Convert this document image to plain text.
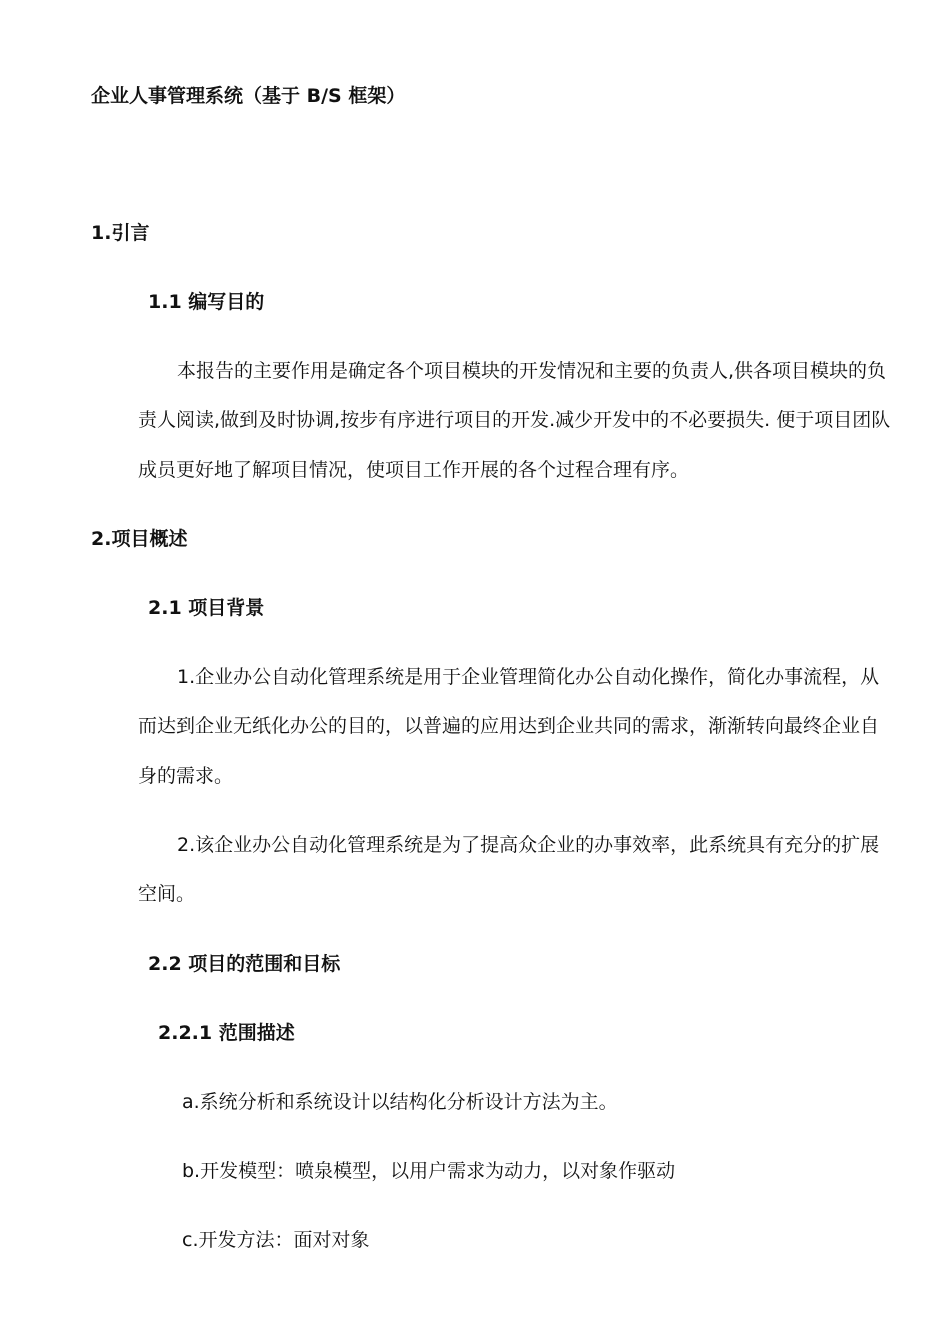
企业人事管理系统（基于 B/S 框架）
1.引言
1.1 编写目的
本报告的主要作用是确定各个项目模块的开发情况和主要的负责人,供各项目模块的负
责人阅读,做到及时协调,按步有序进行项目的开发.减少开发中的不必要损失. 便于项目团队
成员更好地了解项目情况，使项目工作开展的各个过程合理有序。
2.项目概述
2.1 项目背景
1.企业办公自动化管理系统是用于企业管理简化办公自动化操作，简化办事流程，从
而达到企业无纸化办公的目的，以普遍的应用达到企业共同的需求，渐渐转向最终企业自
身的需求。
2.该企业办公自动化管理系统是为了提高众企业的办事效率，此系统具有充分的扩展
空间。
2.2 项目的范围和目标
2.2.1 范围描述
a.系统分析和系统设计以结构化分析设计方法为主。
b.开发模型：喷泉模型，以用户需求为动力，以对象作驱动
c.开发方法：面对对象
